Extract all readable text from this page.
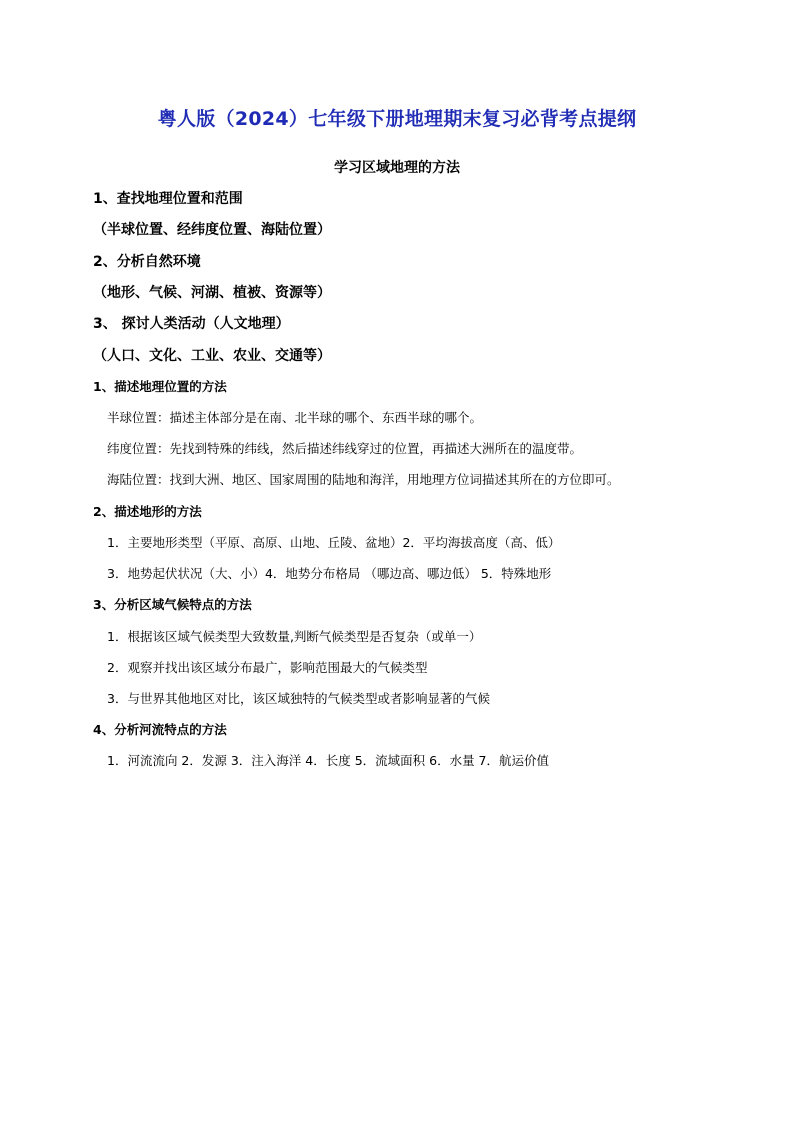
粤人版（2024）七年级下册地理期末复习必背考点提纲
学习区域地理的方法
1、查找地理位置和范围
（半球位置、经纬度位置、海陆位置）
2、分析自然环境
（地形、气候、河湖、植被、资源等）
3、 探讨人类活动（人文地理）
（人口、文化、工业、农业、交通等）
1、描述地理位置的方法
半球位置：描述主体部分是在南、北半球的哪个、东西半球的哪个。
纬度位置：先找到特殊的纬线，然后描述纬线穿过的位置，再描述大洲所在的温度带。
海陆位置：找到大洲、地区、国家周围的陆地和海洋，用地理方位词描述其所在的方位即可。
2、描述地形的方法
1．主要地形类型（平原、高原、山地、丘陵、盆地）2．平均海拔高度（高、低）
3．地势起伏状况（大、小）4．地势分布格局 （哪边高、哪边低） 5．特殊地形
3、分析区域气候特点的方法
1．根据该区域气候类型大致数量,判断气候类型是否复杂（或单一）
2．观察并找出该区域分布最广，影响范围最大的气候类型
3．与世界其他地区对比，该区域独特的气候类型或者影响显著的气候
4、分析河流特点的方法
1．河流流向 2．发源 3．注入海洋 4．长度 5．流域面积 6．水量 7．航运价值
